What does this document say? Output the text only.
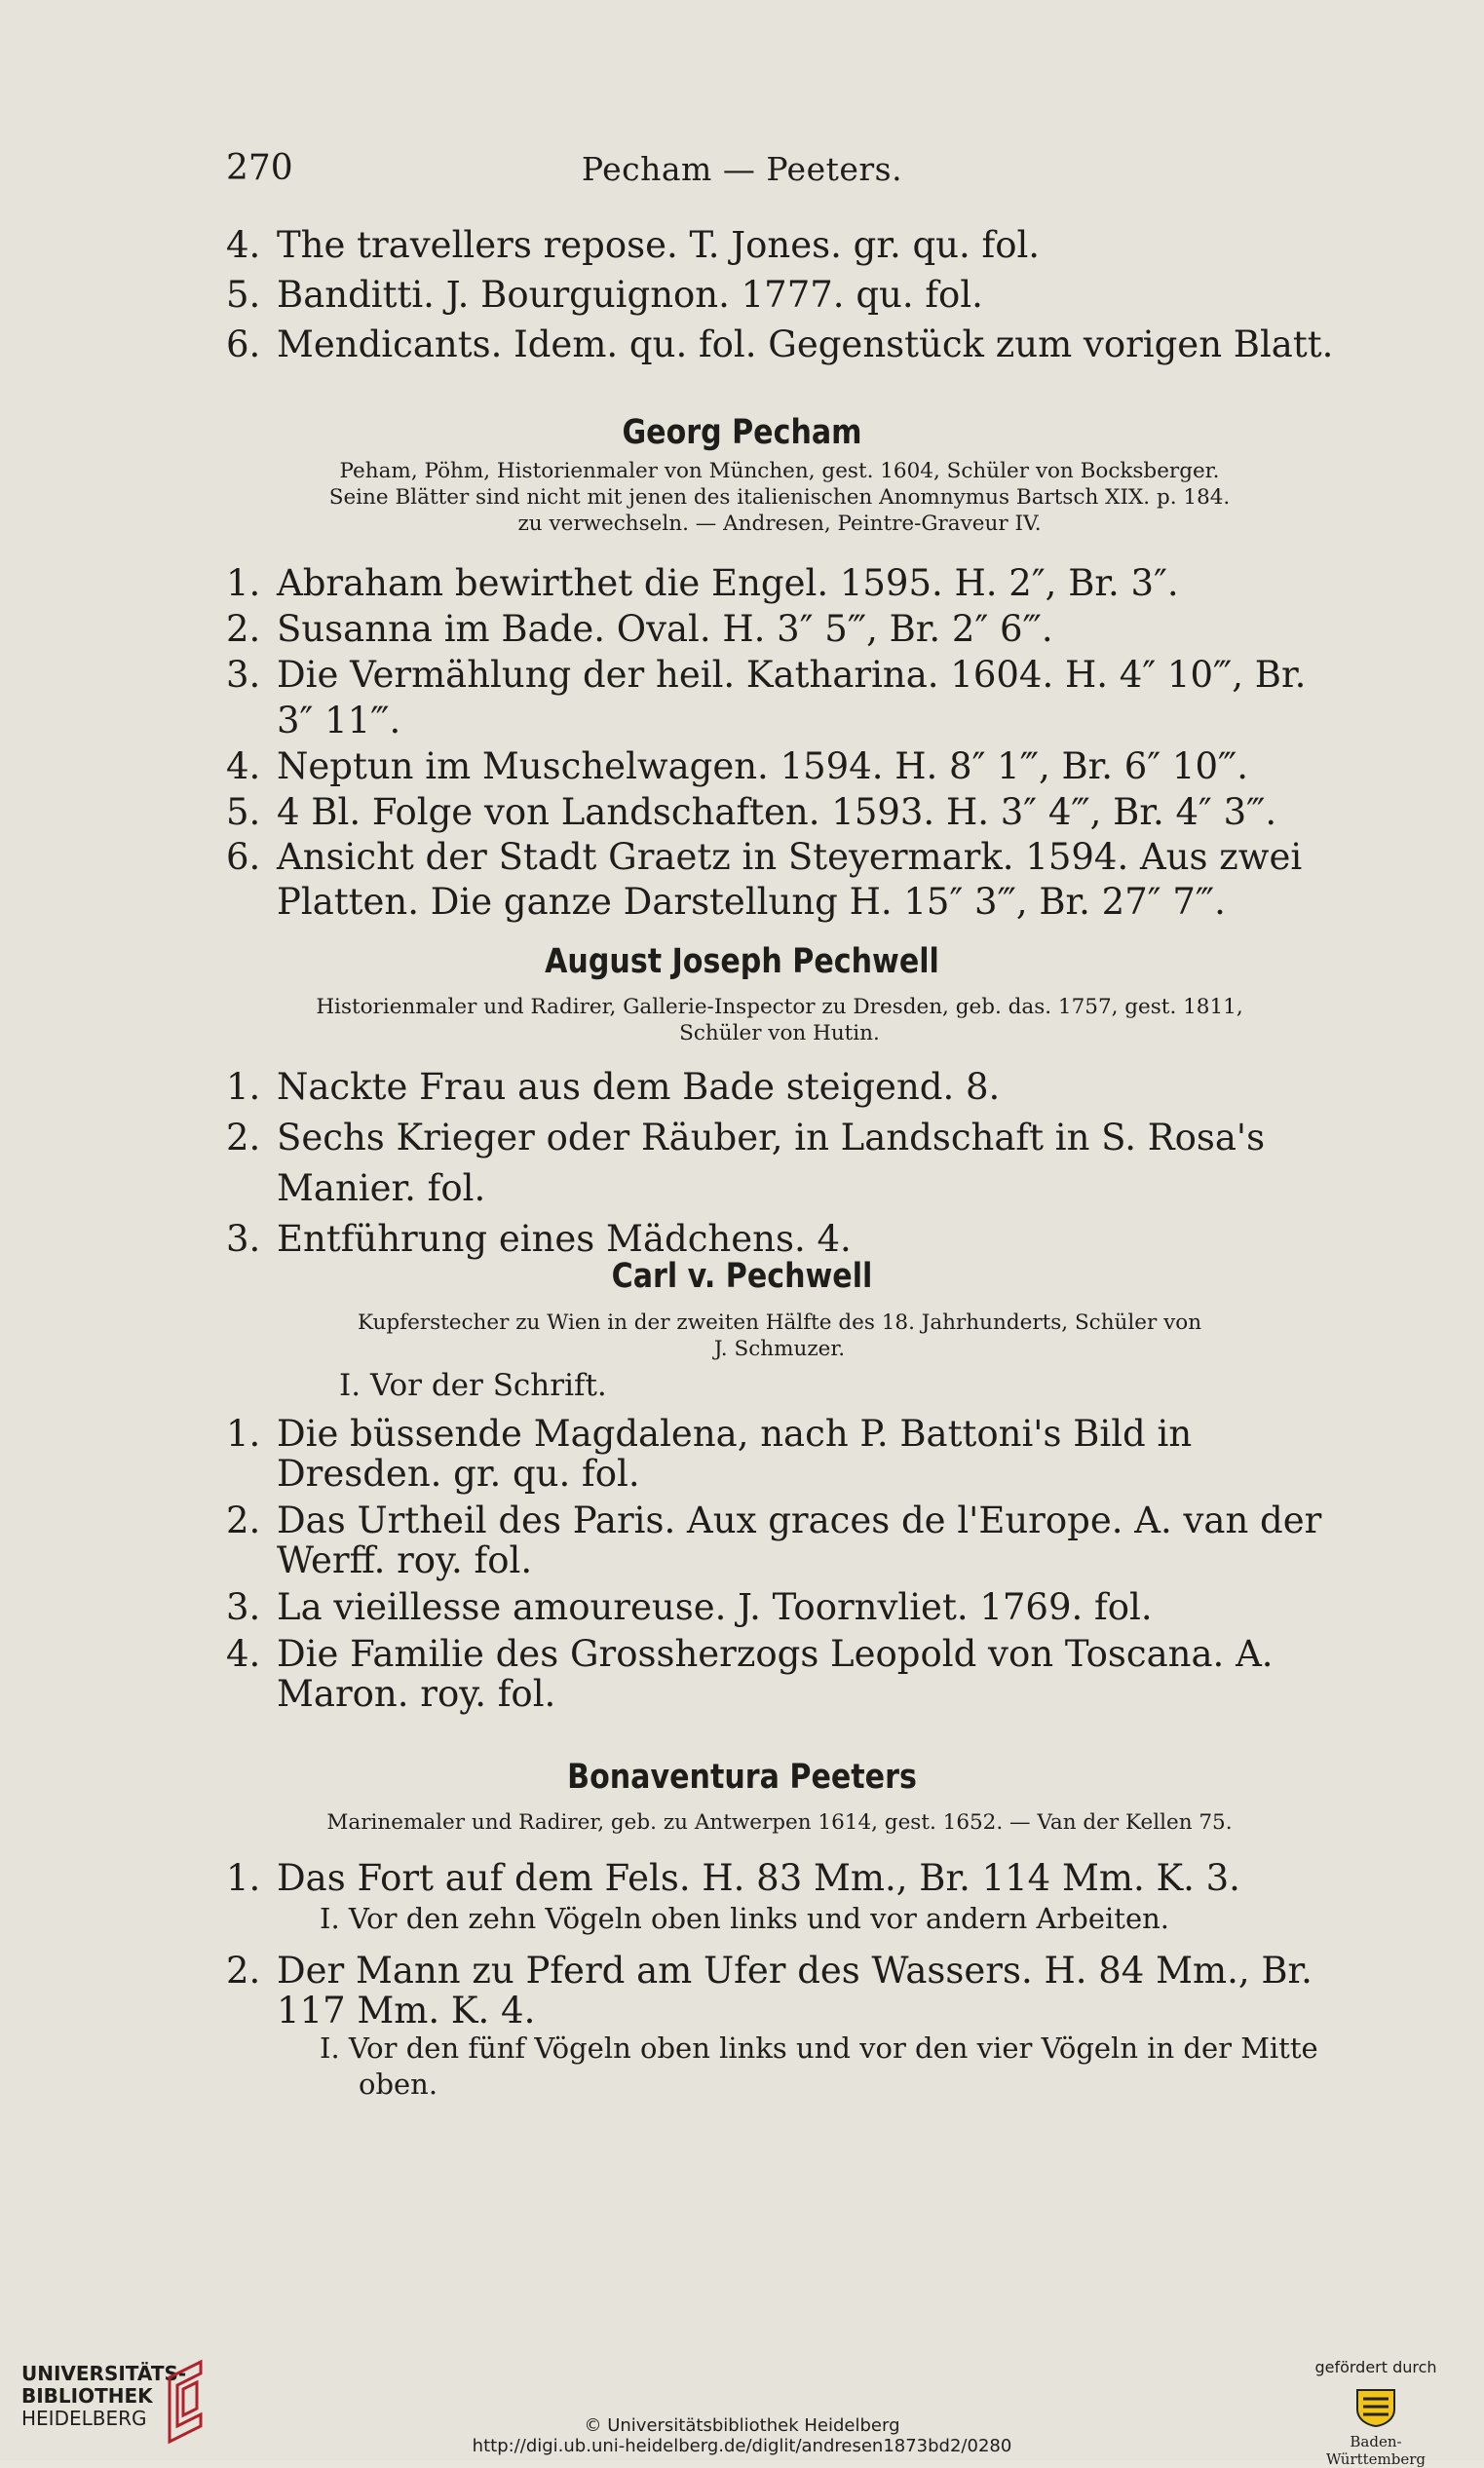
270	Pecham — Peeters.
4. The travellers repose. T. Jones. gr. qu. fol.
5. Banditti. J. Bourguignon. 1777. qu. fol.
6. Mendicants. Idem. qu. fol. Gegenstück zum vorigen Blatt.
Georg Pecham
Peham, Pöhm, Historienmaler von München, gest. 1604, Schüler von Bocksberger.
Seine Blätter sind nicht mit jenen des italienischen Anomnymus Bartsch XIX. p. 184.
zu verwechseln. — Andresen, Peintre-Graveur IV.
1. Abraham bewirthet die Engel. 1595. H. 2″, Br. 3″.
2. Susanna im Bade. Oval. H. 3″ 5‴, Br. 2″ 6‴.
3. Die Vermählung der heil. Katharina. 1604. H. 4″ 10‴, Br. 3″ 11‴.
4. Neptun im Muschelwagen. 1594. H. 8″ 1‴, Br. 6″ 10‴.
5. 4 Bl. Folge von Landschaften. 1593. H. 3″ 4‴, Br. 4″ 3‴.
6. Ansicht der Stadt Graetz in Steyermark. 1594. Aus zwei Platten. Die ganze Darstellung H. 15″ 3‴, Br. 27″ 7‴.
August Joseph Pechwell
Historienmaler und Radirer, Gallerie-Inspector zu Dresden, geb. das. 1757, gest. 1811,
Schüler von Hutin.
1. Nackte Frau aus dem Bade steigend. 8.
2. Sechs Krieger oder Räuber, in Landschaft in S. Rosa's Manier. fol.
3. Entführung eines Mädchens. 4.
Carl v. Pechwell
Kupferstecher zu Wien in der zweiten Hälfte des 18. Jahrhunderts, Schüler von
J. Schmuzer.
I. Vor der Schrift.
1. Die büssende Magdalena, nach P. Battoni's Bild in Dresden. gr. qu. fol.
2. Das Urtheil des Paris. Aux graces de l'Europe. A. van der Werff. roy. fol.
3. La vieillesse amoureuse. J. Toornvliet. 1769. fol.
4. Die Familie des Grossherzogs Leopold von Toscana. A. Maron. roy. fol.
Bonaventura Peeters
Marinemaler und Radirer, geb. zu Antwerpen 1614, gest. 1652. — Van der Kellen 75.
1. Das Fort auf dem Fels. H. 83 Mm., Br. 114 Mm. K. 3.
I. Vor den zehn Vögeln oben links und vor andern Arbeiten.
2. Der Mann zu Pferd am Ufer des Wassers. H. 84 Mm., Br. 117 Mm. K. 4.
I. Vor den fünf Vögeln oben links und vor den vier Vögeln in der Mitte oben.
UNIVERSITÄTS-
BIBLIOTHEK
HEIDELBERG	© Universitätsbibliothek Heidelberg
http://digi.ub.uni-heidelberg.de/diglit/andresen1873bd2/0280
gefördert durch
Baden-Württemberg
